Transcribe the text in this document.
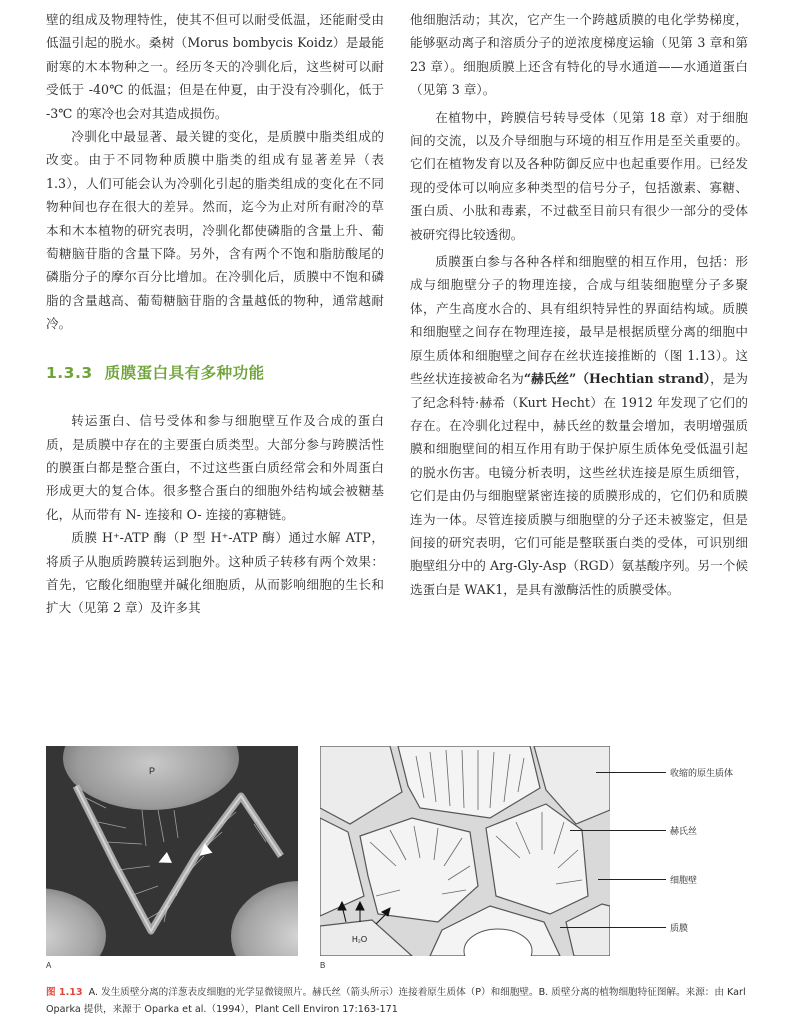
壁的组成及物理特性，使其不但可以耐受低温，还能耐受由低温引起的脱水。桑树（Morus bombycis Koidz）是最能耐寒的木本物种之一。经历冬天的冷驯化后，这些树可以耐受低于 -40℃ 的低温；但是在仲夏，由于没有冷驯化，低于 -3℃ 的寒冷也会对其造成损伤。

冷驯化中最显著、最关键的变化，是质膜中脂类组成的改变。由于不同物种质膜中脂类的组成有显著差异（表 1.3），人们可能会认为冷驯化引起的脂类组成的变化在不同物种间也存在很大的差异。然而，迄今为止对所有耐冷的草本和木本植物的研究表明，冷驯化都使磷脂的含量上升、葡萄糖脑苷脂的含量下降。另外，含有两个不饱和脂肪酸尾的磷脂分子的摩尔百分比增加。在冷驯化后，质膜中不饱和磷脂的含量越高、葡萄糖脑苷脂的含量越低的物种，通常越耐冷。

1.3.3 质膜蛋白具有多种功能

转运蛋白、信号受体和参与细胞壁互作及合成的蛋白质，是质膜中存在的主要蛋白质类型。大部分参与跨膜活性的膜蛋白都是整合蛋白，不过这些蛋白质经常会和外周蛋白形成更大的复合体。很多整合蛋白的细胞外结构域会被糖基化，从而带有 N- 连接和 O- 连接的寡糖链。

质膜 H⁺-ATP 酶（P 型 H⁺-ATP 酶）通过水解 ATP，将质子从胞质跨膜转运到胞外。这种质子转移有两个效果：首先，它酸化细胞壁并碱化细胞质，从而影响细胞的生长和扩大（见第 2 章）及许多其

他细胞活动；其次，它产生一个跨越质膜的电化学势梯度，能够驱动离子和溶质分子的逆浓度梯度运输（见第 3 章和第 23 章）。细胞质膜上还含有特化的导水通道——水通道蛋白（见第 3 章）。

在植物中，跨膜信号转导受体（见第 18 章）对于细胞间的交流，以及介导细胞与环境的相互作用是至关重要的。它们在植物发育以及各种防御反应中也起重要作用。已经发现的受体可以响应多种类型的信号分子，包括激素、寡糖、蛋白质、小肽和毒素，不过截至目前只有很少一部分的受体被研究得比较透彻。

质膜蛋白参与各种各样和细胞壁的相互作用，包括：形成与细胞壁分子的物理连接，合成与组装细胞壁分子多聚体，产生高度水合的、具有组织特异性的界面结构域。质膜和细胞壁之间存在物理连接，最早是根据质壁分离的细胞中原生质体和细胞壁之间存在丝状连接推断的（图 1.13）。这些丝状连接被命名为“赫氏丝”（Hechtian strand），是为了纪念科特·赫希（Kurt Hecht）在 1912 年发现了它们的存在。在冷驯化过程中，赫氏丝的数量会增加，表明增强质膜和细胞壁间的相互作用有助于保护原生质体免受低温引起的脱水伤害。电镜分析表明，这些丝状连接是原生质细管，它们是由仍与细胞壁紧密连接的质膜形成的，它们仍和质膜连为一体。尽管连接质膜与细胞壁的分子还未被鉴定，但是间接的研究表明，它们可能是整联蛋白类的受体，可识别细胞壁组分中的 Arg-Gly-Asp（RGD）氨基酸序列。另一个候选蛋白是 WAK1，是具有激酶活性的质膜受体。

P
A
H₂O
B
收缩的原生质体
赫氏丝
细胞壁
质膜
图 1.13 A. 发生质壁分离的洋葱表皮细胞的光学显微镜照片。赫氏丝（箭头所示）连接着原生质体（P）和细胞壁。B. 质壁分离的植物细胞特征图解。来源：由 Karl Oparka 提供，来源于 Oparka et al.（1994），Plant Cell Environ 17:163-171
